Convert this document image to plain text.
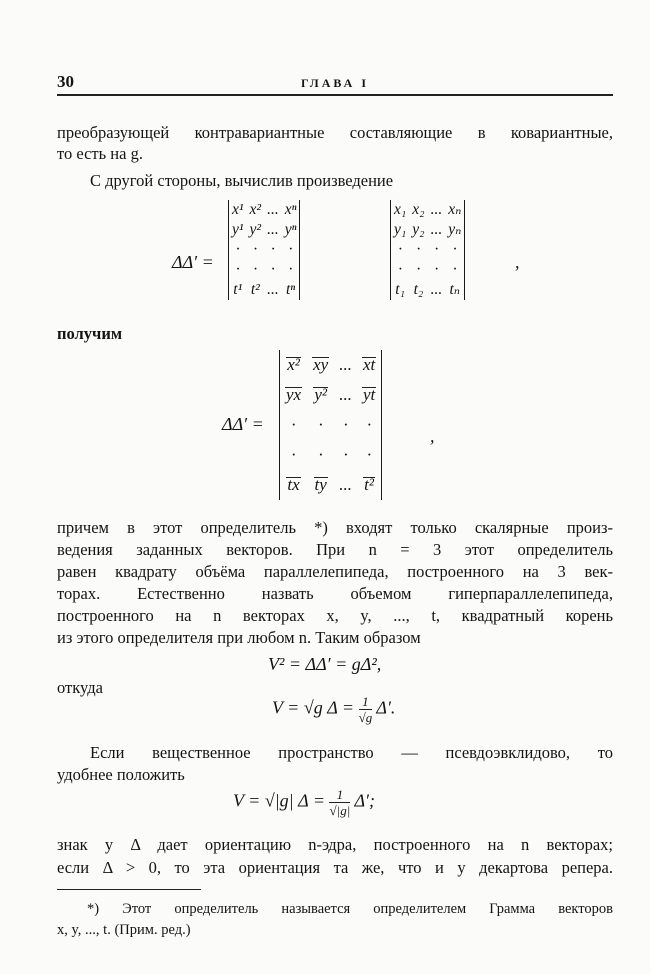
30	ГЛАВА I
преобразующей контравариантные составляющие в ковариантные,
то есть на g.
С другой стороны, вычислив произведение
ΔΔ′ =
x¹	x²	...	xⁿ
y¹	y²	...	yⁿ
·	·	·	·
·	·	·	·
t¹	t²	...	tⁿ
x₁	x₂	...	xₙ
y₁	y₂	...	yₙ
·	·	·	·
·	·	·	·
t₁	t₂	...	tₙ
,
получим
ΔΔ′ =
x²	xy	...	xt
yx	y²	...	yt
·	·	·	·
·	·	·	·
tx	ty	...	t²
,
причем в этот определитель *) входят только скалярные произ-
ведения заданных векторов. При n = 3 этот определитель
равен квадрату объёма параллелепипеда, построенного на 3 век-
торах. Естественно назвать объемом гиперпараллелепипеда,
построенного на n векторах x, y, ..., t, квадратный корень
из этого определителя при любом n. Таким образом
V² = ΔΔ′ = gΔ²,
откуда
V = √g $\Delta = \frac{1}{√g} \Delta'$.
Если вещественное пространство — псевдоэвклидово, то
удобнее положить
V = √|g| $\Delta = \frac{1}{√|g|} \Delta'$;
знак у Δ дает ориентацию n-эдра, построенного на n векторах;
если Δ > 0, то эта ориентация та же, что и у декартова репера.
*) Этот определитель называется определителем Грамма векторов
x, y, ..., t. (Прим. ред.)
